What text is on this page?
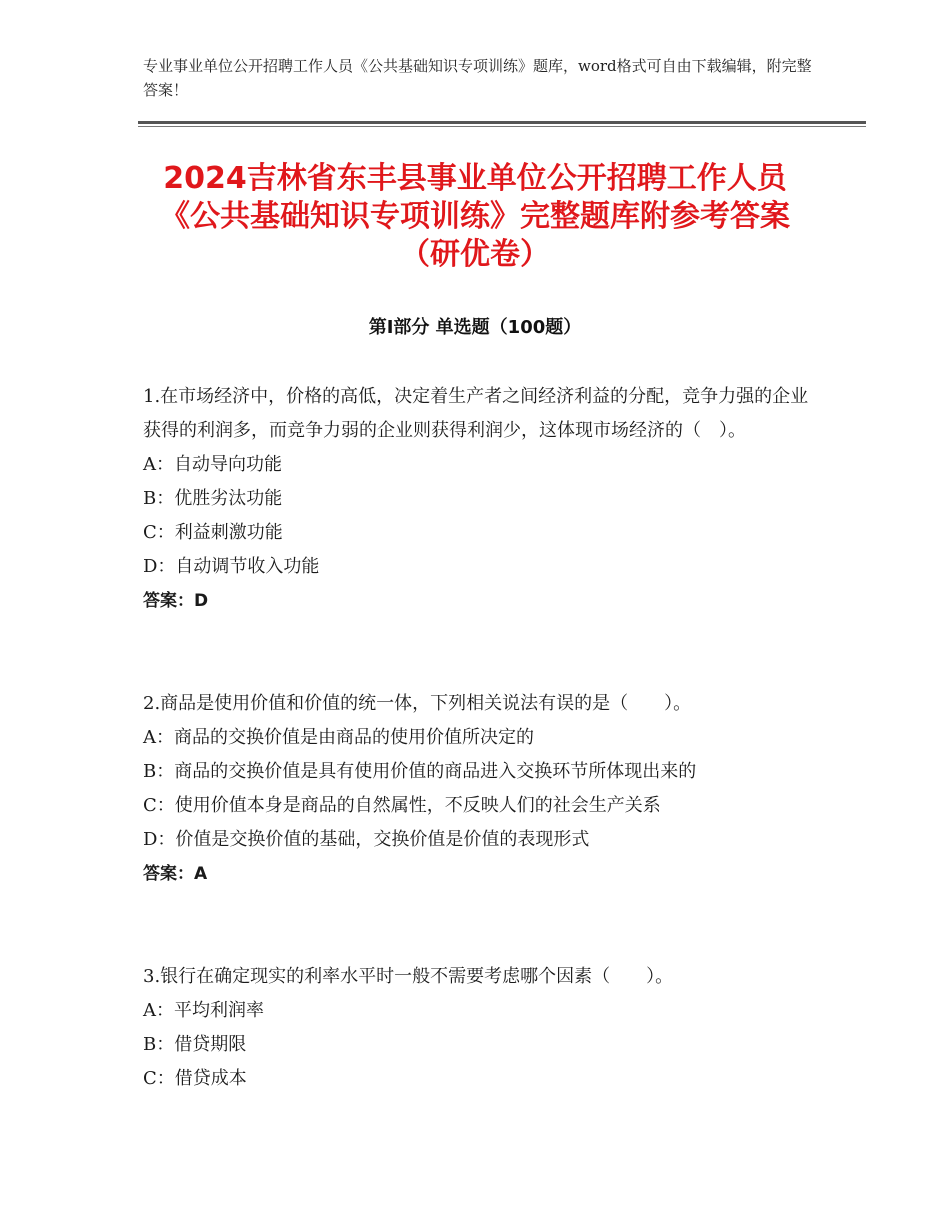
专业事业单位公开招聘工作人员《公共基础知识专项训练》题库，word格式可自由下载编辑，附完整答案！
2024吉林省东丰县事业单位公开招聘工作人员《公共基础知识专项训练》完整题库附参考答案（研优卷）
第Ⅰ部分 单选题（100题）
1.在市场经济中，价格的高低，决定着生产者之间经济利益的分配，竞争力强的企业获得的利润多，而竞争力弱的企业则获得利润少，这体现市场经济的（　）。
A：自动导向功能
B：优胜劣汰功能
C：利益刺激功能
D：自动调节收入功能
答案：D
2.商品是使用价值和价值的统一体，下列相关说法有误的是（　　）。
A：商品的交换价值是由商品的使用价值所决定的
B：商品的交换价值是具有使用价值的商品进入交换环节所体现出来的
C：使用价值本身是商品的自然属性，不反映人们的社会生产关系
D：价值是交换价值的基础，交换价值是价值的表现形式
答案：A
3.银行在确定现实的利率水平时一般不需要考虑哪个因素（　　）。
A：平均利润率
B：借贷期限
C：借贷成本
